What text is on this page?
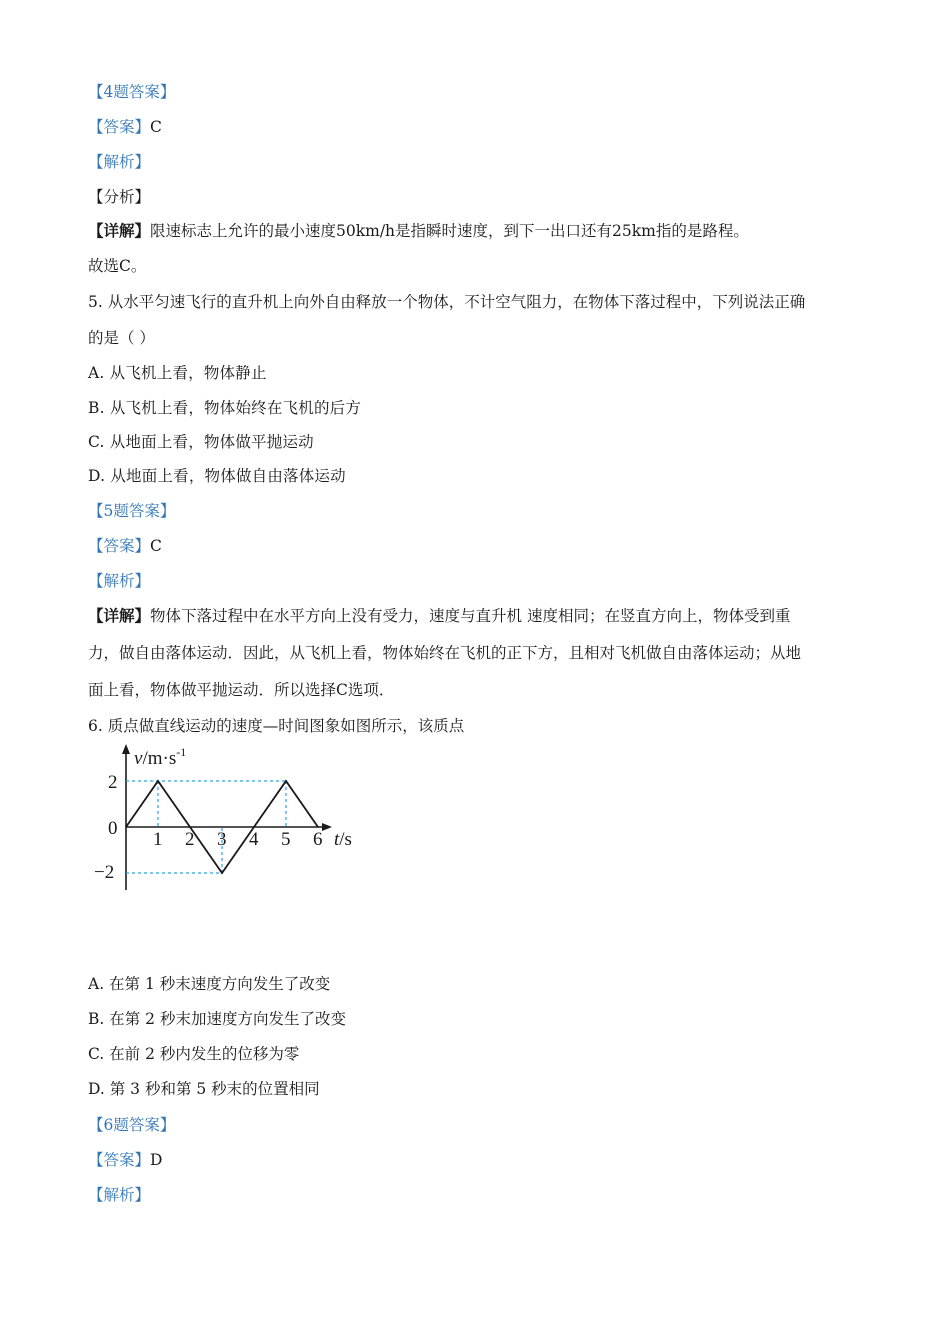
【4题答案】
【答案】C
【解析】
【分析】
【详解】限速标志上允许的最小速度50km/h是指瞬时速度，到下一出口还有25km指的是路程。
故选C。
5. 从水平匀速飞行的直升机上向外自由释放一个物体，不计空气阻力，在物体下落过程中，下列说法正确
的是（ ）
A. 从飞机上看，物体静止
B. 从飞机上看，物体始终在飞机的后方
C. 从地面上看，物体做平抛运动
D. 从地面上看，物体做自由落体运动
【5题答案】
【答案】C
【解析】
【详解】物体下落过程中在水平方向上没有受力，速度与直升机 速度相同；在竖直方向上，物体受到重
力，做自由落体运动．因此，从飞机上看，物体始终在飞机的正下方，且相对飞机做自由落体运动；从地
面上看，物体做平抛运动．所以选择C选项．
6. 质点做直线运动的速度—时间图象如图所示，该质点
$v/m\cdot s^{-1}$
2
0
−2
1 2 3 4 5 6 t/s
A. 在第 1 秒末速度方向发生了改变
B. 在第 2 秒末加速度方向发生了改变
C. 在前 2 秒内发生的位移为零
D. 第 3 秒和第 5 秒末的位置相同
【6题答案】
【答案】D
【解析】
